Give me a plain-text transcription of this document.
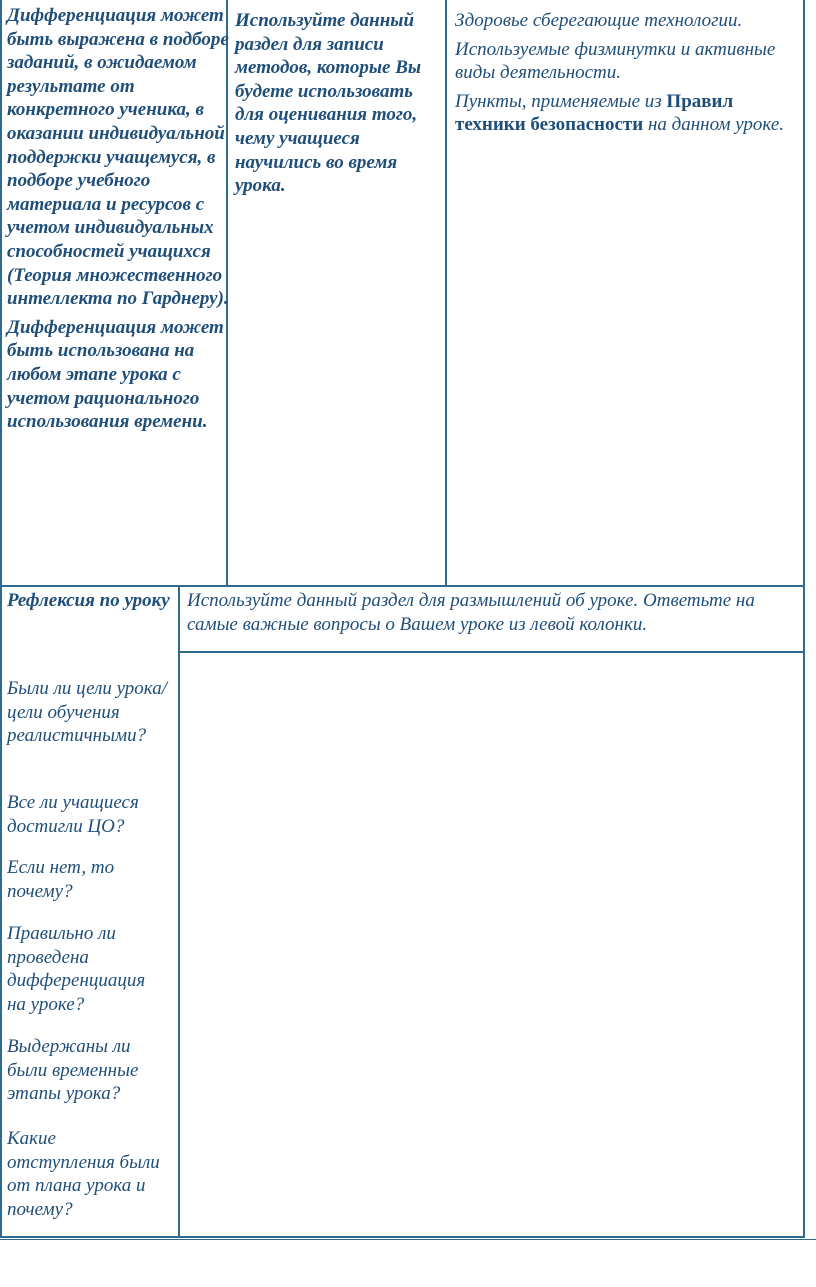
Дифференциация может быть выражена в подборе заданий, в ожидаемом результате от конкретного ученика, в оказании индивидуальной поддержки учащемуся, в подборе учебного материала и ресурсов с учетом индивидуальных способностей учащихся (Теория множественного интеллекта по Гарднеру).

Дифференциация может быть использована на любом этапе урока с учетом рационального использования времени.

Используйте данный раздел для записи методов, которые Вы будете использовать для оценивания того, чему учащиеся научились во время урока.

Здоровье сберегающие технологии.

Используемые физминутки и активные виды деятельности.

Пункты, применяемые из Правил техники безопасности на данном уроке.

Рефлексия по уроку

Были ли цели урока/цели обучения реалистичными?

Все ли учащиеся достигли ЦО?

Если нет, то почему?

Правильно ли проведена дифференциация на уроке?

Выдержаны ли были временные этапы урока?

Какие отступления были от плана урока и почему?

Используйте данный раздел для размышлений об уроке. Ответьте на самые важные вопросы о Вашем уроке из левой колонки.
